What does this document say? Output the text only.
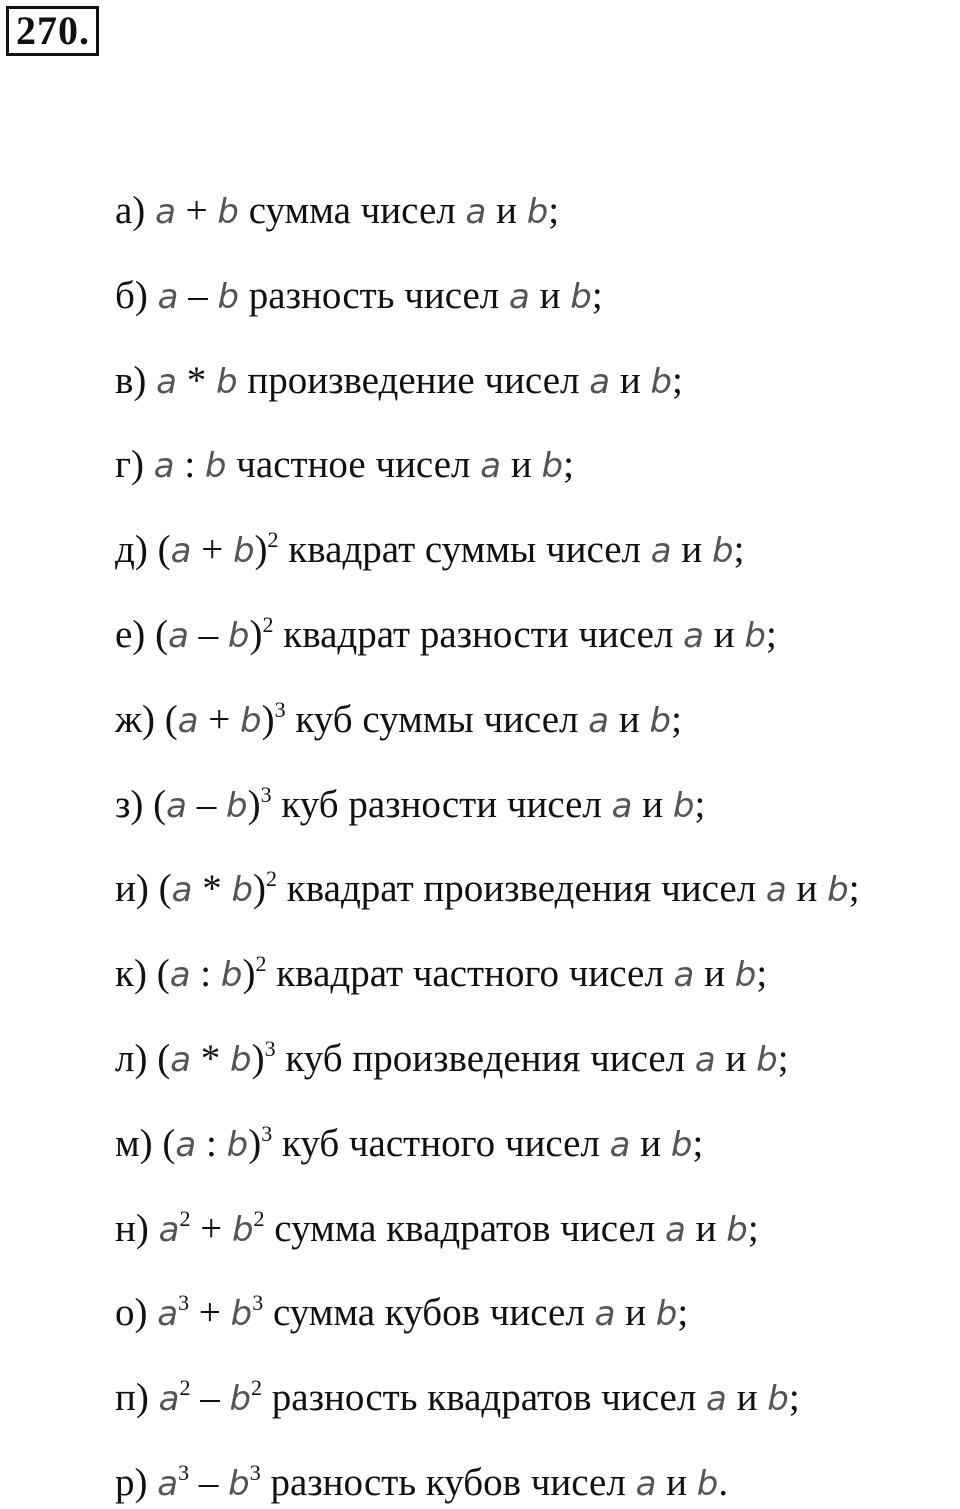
270.
а) a + b сумма чисел a и b;
б) a – b разность чисел a и b;
в) a * b произведение чисел a и b;
г) a : b частное чисел a и b;
д) $(a + b)^2$ квадрат суммы чисел a и b;
е) (a – b)$^2$ квадрат разности чисел a и b;
ж) $(a + b)^3$ куб суммы чисел a и b;
з) (a – b)$^3$ куб разности чисел a и b;
и) (a * b)$^2$ квадрат произведения чисел a и b;
к) (a : b)$^2$ квадрат частного чисел a и b;
л) (a * b)$^3$ куб произведения чисел a и b;
м) (a : b)$^3$ куб частного чисел a и b;
н) $a^2 + b^2$ сумма квадратов чисел a и b;
о) $a^3 + b^3$ сумма кубов чисел a и b;
п) $a^2 - b^2$ разность квадратов чисел a и b;
р) $a^3 - b^3$ разность кубов чисел a и b.
